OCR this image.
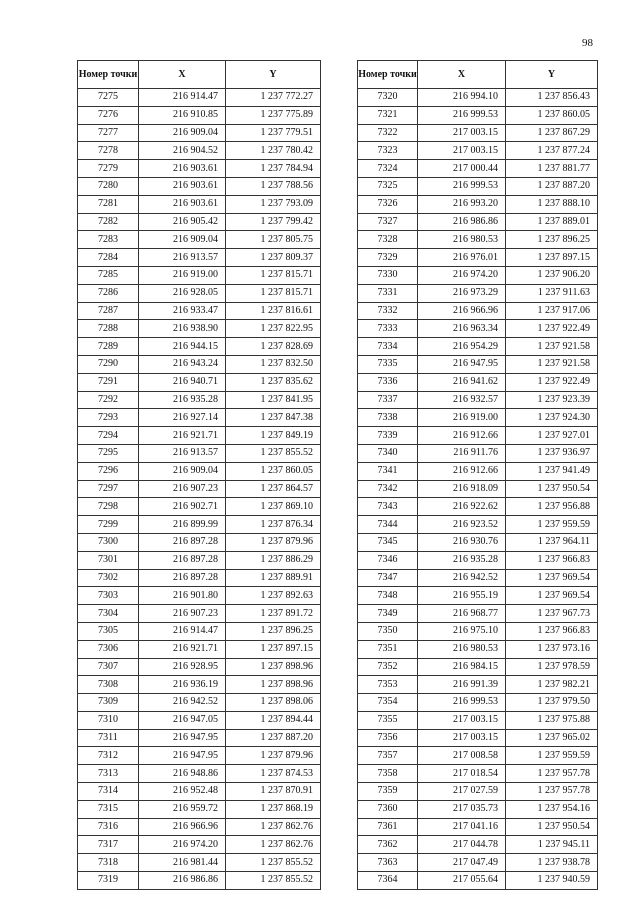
98
Номер точки	X	Y
7275	216 914.47	1 237 772.27
7276	216 910.85	1 237 775.89
7277	216 909.04	1 237 779.51
7278	216 904.52	1 237 780.42
7279	216 903.61	1 237 784.94
7280	216 903.61	1 237 788.56
7281	216 903.61	1 237 793.09
7282	216 905.42	1 237 799.42
7283	216 909.04	1 237 805.75
7284	216 913.57	1 237 809.37
7285	216 919.00	1 237 815.71
7286	216 928.05	1 237 815.71
7287	216 933.47	1 237 816.61
7288	216 938.90	1 237 822.95
7289	216 944.15	1 237 828.69
7290	216 943.24	1 237 832.50
7291	216 940.71	1 237 835.62
7292	216 935.28	1 237 841.95
7293	216 927.14	1 237 847.38
7294	216 921.71	1 237 849.19
7295	216 913.57	1 237 855.52
7296	216 909.04	1 237 860.05
7297	216 907.23	1 237 864.57
7298	216 902.71	1 237 869.10
7299	216 899.99	1 237 876.34
7300	216 897.28	1 237 879.96
7301	216 897.28	1 237 886.29
7302	216 897.28	1 237 889.91
7303	216 901.80	1 237 892.63
7304	216 907.23	1 237 891.72
7305	216 914.47	1 237 896.25
7306	216 921.71	1 237 897.15
7307	216 928.95	1 237 898.96
7308	216 936.19	1 237 898.96
7309	216 942.52	1 237 898.06
7310	216 947.05	1 237 894.44
7311	216 947.95	1 237 887.20
7312	216 947.95	1 237 879.96
7313	216 948.86	1 237 874.53
7314	216 952.48	1 237 870.91
7315	216 959.72	1 237 868.19
7316	216 966.96	1 237 862.76
7317	216 974.20	1 237 862.76
7318	216 981.44	1 237 855.52
7319	216 986.86	1 237 855.52
Номер точки	X	Y
7320	216 994.10	1 237 856.43
7321	216 999.53	1 237 860.05
7322	217 003.15	1 237 867.29
7323	217 003.15	1 237 877.24
7324	217 000.44	1 237 881.77
7325	216 999.53	1 237 887.20
7326	216 993.20	1 237 888.10
7327	216 986.86	1 237 889.01
7328	216 980.53	1 237 896.25
7329	216 976.01	1 237 897.15
7330	216 974.20	1 237 906.20
7331	216 973.29	1 237 911.63
7332	216 966.96	1 237 917.06
7333	216 963.34	1 237 922.49
7334	216 954.29	1 237 921.58
7335	216 947.95	1 237 921.58
7336	216 941.62	1 237 922.49
7337	216 932.57	1 237 923.39
7338	216 919.00	1 237 924.30
7339	216 912.66	1 237 927.01
7340	216 911.76	1 237 936.97
7341	216 912.66	1 237 941.49
7342	216 918.09	1 237 950.54
7343	216 922.62	1 237 956.88
7344	216 923.52	1 237 959.59
7345	216 930.76	1 237 964.11
7346	216 935.28	1 237 966.83
7347	216 942.52	1 237 969.54
7348	216 955.19	1 237 969.54
7349	216 968.77	1 237 967.73
7350	216 975.10	1 237 966.83
7351	216 980.53	1 237 973.16
7352	216 984.15	1 237 978.59
7353	216 991.39	1 237 982.21
7354	216 999.53	1 237 979.50
7355	217 003.15	1 237 975.88
7356	217 003.15	1 237 965.02
7357	217 008.58	1 237 959.59
7358	217 018.54	1 237 957.78
7359	217 027.59	1 237 957.78
7360	217 035.73	1 237 954.16
7361	217 041.16	1 237 950.54
7362	217 044.78	1 237 945.11
7363	217 047.49	1 237 938.78
7364	217 055.64	1 237 940.59
